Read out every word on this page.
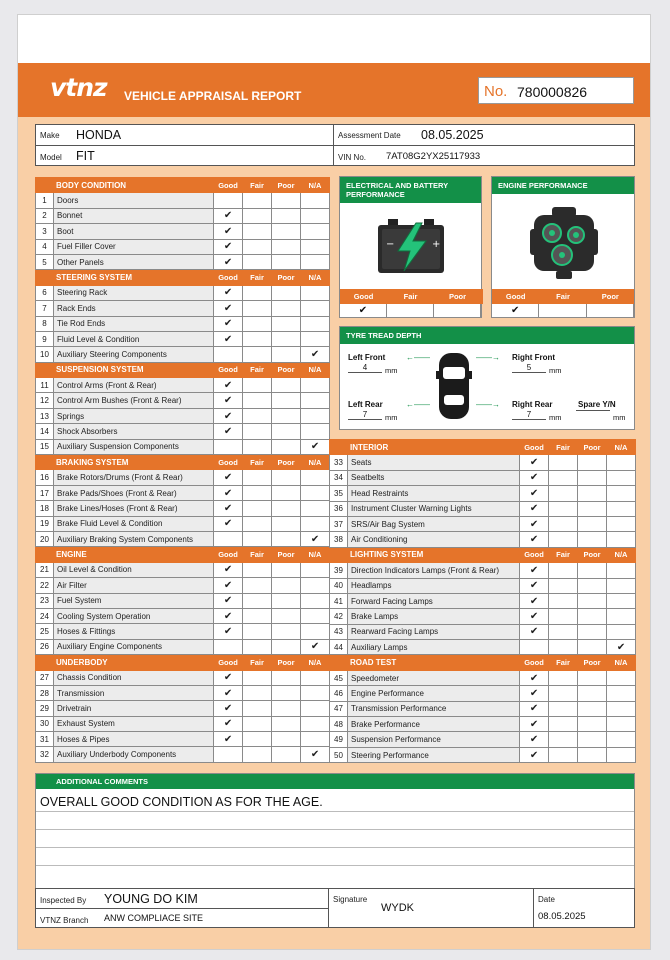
vtnz VEHICLE APPRAISAL REPORT	No. 780000826
Make HONDA
Model FIT
Assessment Date 08.05.2025
VIN No. 7AT08G2YX25117933
BODY CONDITION		Good	Fair	Poor	N/A
1	Doors				
2	Bonnet	✔			
3	Boot	✔			
4	Fuel Filler Cover	✔			
5	Other Panels	✔			
STEERING SYSTEM		Good	Fair	Poor	N/A
6	Steering Rack	✔			
7	Rack Ends	✔			
8	Tie Rod Ends	✔			
9	Fluid Level & Condition	✔			
10	Auxiliary Steering Components				✔
SUSPENSION SYSTEM		Good	Fair	Poor	N/A
11	Control Arms (Front & Rear)	✔			
12	Control Arm Bushes (Front & Rear)	✔			
13	Springs	✔			
14	Shock Absorbers	✔			
15	Auxiliary Suspension Components				✔
BRAKING SYSTEM		Good	Fair	Poor	N/A
16	Brake Rotors/Drums (Front & Rear)	✔			
17	Brake Pads/Shoes (Front & Rear)	✔			
18	Brake Lines/Hoses (Front & Rear)	✔			
19	Brake Fluid Level & Condition	✔			
20	Auxiliary Braking System Components				✔
ENGINE		Good	Fair	Poor	N/A
21	Oil Level & Condition	✔			
22	Air Filter	✔			
23	Fuel System	✔			
24	Cooling System Operation	✔			
25	Hoses & Fittings	✔			
26	Auxiliary Engine Components				✔
UNDERBODY		Good	Fair	Poor	N/A
27	Chassis Condition	✔			
28	Transmission	✔			
29	Drivetrain	✔			
30	Exhaust System	✔			
31	Hoses & Pipes	✔			
32	Auxiliary Underbody Components				✔
INTERIOR		Good	Fair	Poor	N/A
33	Seats	✔			
34	Seatbelts	✔			
35	Head Restraints	✔			
36	Instrument Cluster Warning Lights	✔			
37	SRS/Air Bag System	✔			
38	Air Conditioning	✔			
LIGHTING SYSTEM		Good	Fair	Poor	N/A
39	Direction Indicators Lamps (Front & Rear)	✔			
40	Headlamps	✔			
41	Forward Facing Lamps	✔			
42	Brake Lamps	✔			
43	Rearward Facing Lamps	✔			
44	Auxiliary Lamps				✔
ROAD TEST		Good	Fair	Poor	N/A
45	Speedometer	✔			
46	Engine Performance	✔			
47	Transmission Performance	✔			
48	Brake Performance	✔			
49	Suspension Performance	✔			
50	Steering Performance	✔			
ELECTRICAL AND BATTERY PERFORMANCE
−	+
Good	Fair	Poor
✔
ENGINE PERFORMANCE
Good	Fair	Poor
✔
TYRE TREAD DEPTH
Left Front
4	mm
←——	Right Front
——→
5	mm
Left Rear	←——
7	mm
——→ Right Rear
7	mm
Spare Y/N
mm
ADDITIONAL COMMENTS
OVERALL GOOD CONDITION AS FOR THE AGE.
Inspected By YOUNG DO KIM
VTNZ Branch ANW COMPLIACE SITE
Signature
WYDK
Date
08.05.2025
